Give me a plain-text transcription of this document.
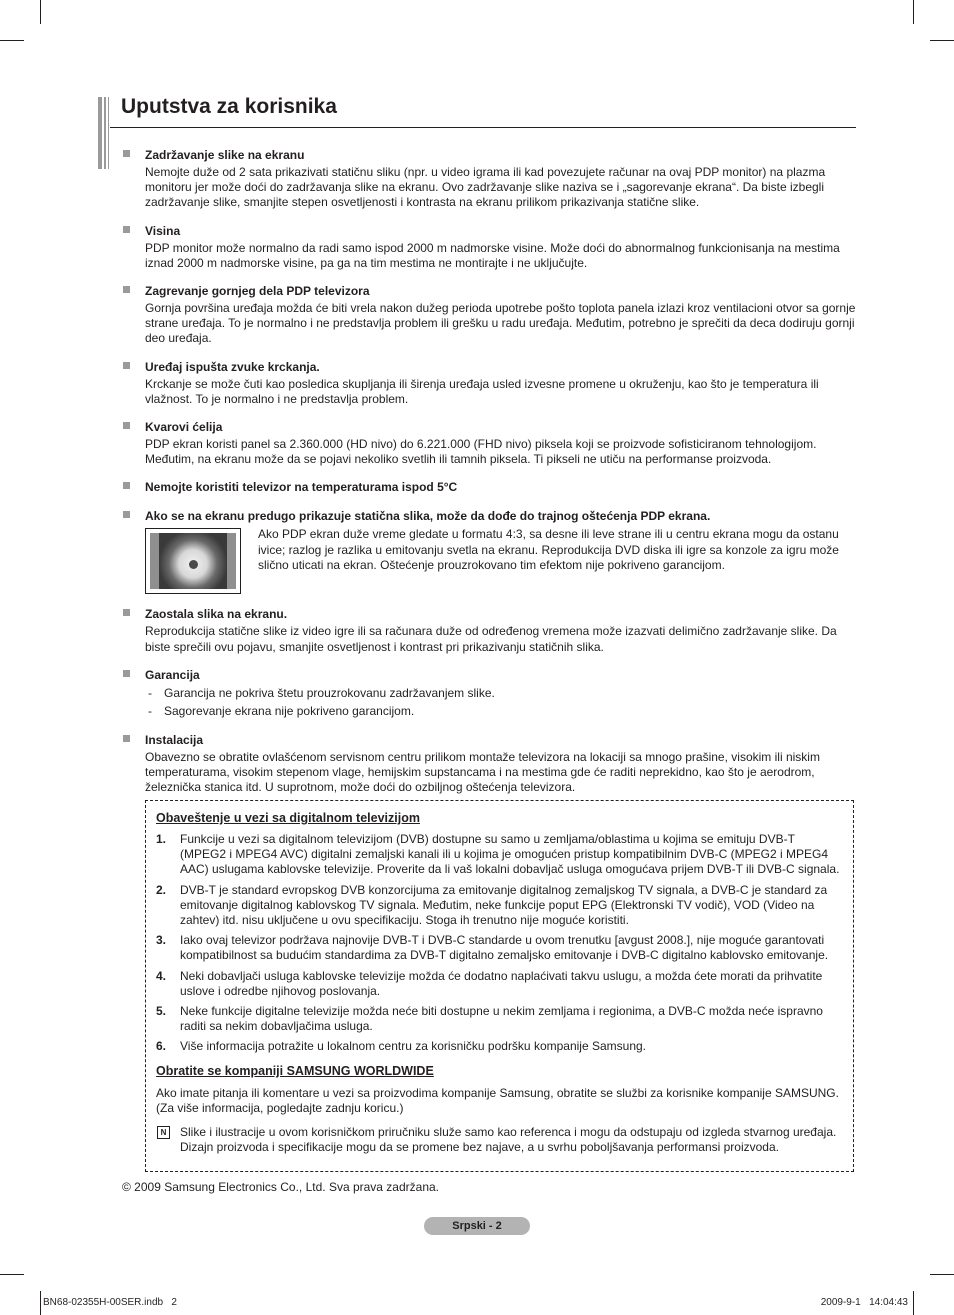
Uputstva za korisnika
Zadržavanje slike na ekranu
Nemojte duže od 2 sata prikazivati statičnu sliku (npr. u video igrama ili kad povezujete računar na ovaj PDP monitor) na plazma monitoru jer može doći do zadržavanja slike na ekranu. Ovo zadržavanje slike naziva se i „sagorevanje ekrana“. Da biste izbegli zadržavanje slike, smanjite stepen osvetljenosti i kontrasta na ekranu prilikom prikazivanja statične slike.
Visina
PDP monitor može normalno da radi samo ispod 2000 m nadmorske visine. Može doći do abnormalnog funkcionisanja na mestima iznad 2000 m nadmorske visine, pa ga na tim mestima ne montirajte i ne uključujte.
Zagrevanje gornjeg dela PDP televizora
Gornja površina uređaja možda će biti vrela nakon dužeg perioda upotrebe pošto toplota panela izlazi kroz ventilacioni otvor sa gornje strane uređaja. To je normalno i ne predstavlja problem ili grešku u radu uređaja. Međutim, potrebno je sprečiti da deca dodiruju gornji deo uređaja.
Uređaj ispušta zvuke krckanja.
Krckanje se može čuti kao posledica skupljanja ili širenja uređaja usled izvesne promene u okruženju, kao što je temperatura ili vlažnost. To je normalno i ne predstavlja problem.
Kvarovi ćelija
PDP ekran koristi panel sa 2.360.000 (HD nivo) do 6.221.000 (FHD nivo) piksela koji se proizvode sofisticiranom tehnologijom. Međutim, na ekranu može da se pojavi nekoliko svetlih ili tamnih piksela. Ti pikseli ne utiču na performanse proizvoda.
Nemojte koristiti televizor na temperaturama ispod 5°C
Ako se na ekranu predugo prikazuje statična slika, može da dođe do trajnog oštećenja PDP ekrana.
Ako PDP ekran duže vreme gledate u formatu 4:3, sa desne ili leve strane ili u centru ekrana mogu da ostanu ivice; razlog je razlika u emitovanju svetla na ekranu. Reprodukcija DVD diska ili igre sa konzole za igru može slično uticati na ekran. Oštećenje prouzrokovano tim efektom nije pokriveno garancijom.
Zaostala slika na ekranu.
Reprodukcija statične slike iz video igre ili sa računara duže od određenog vremena može izazvati delimično zadržavanje slike. Da biste sprečili ovu pojavu, smanjite osvetljenost i kontrast pri prikazivanju statičnih slika.
Garancija
- Garancija ne pokriva štetu prouzrokovanu zadržavanjem slike.
- Sagorevanje ekrana nije pokriveno garancijom.
Instalacija
Obavezno se obratite ovlašćenom servisnom centru prilikom montaže televizora na lokaciji sa mnogo prašine, visokim ili niskim temperaturama, visokim stepenom vlage, hemijskim supstancama i na mestima gde će raditi neprekidno, kao što je aerodrom, železnička stanica itd. U suprotnom, može doći do ozbiljnog oštećenja televizora.
Obaveštenje u vezi sa digitalnom televizijom
1. Funkcije u vezi sa digitalnom televizijom (DVB) dostupne su samo u zemljama/oblastima u kojima se emituju DVB-T (MPEG2 i MPEG4 AVC) digitalni zemaljski kanali ili u kojima je omogućen pristup kompatibilnim DVB-C (MPEG2 i MPEG4 AAC) uslugama kablovske televizije. Proverite da li vaš lokalni dobavljač usluga omogućava prijem DVB-T ili DVB-C signala.
2. DVB-T je standard evropskog DVB konzorcijuma za emitovanje digitalnog zemaljskog TV signala, a DVB-C je standard za emitovanje digitalnog kablovskog TV signala. Međutim, neke funkcije poput EPG (Elektronski TV vodič), VOD (Video na zahtev) itd. nisu uključene u ovu specifikaciju. Stoga ih trenutno nije moguće koristiti.
3. Iako ovaj televizor podržava najnovije DVB-T i DVB-C standarde u ovom trenutku [avgust 2008.], nije moguće garantovati kompatibilnost sa budućim standardima za DVB-T digitalno zemaljsko emitovanje i DVB-C digitalno kablovsko emitovanje.
4. Neki dobavljači usluga kablovske televizije možda će dodatno naplaćivati takvu uslugu, a možda ćete morati da prihvatite uslove i odredbe njihovog poslovanja.
5. Neke funkcije digitalne televizije možda neće biti dostupne u nekim zemljama i regionima, a DVB-C možda neće ispravno raditi sa nekim dobavljačima usluga.
6. Više informacija potražite u lokalnom centru za korisničku podršku kompanije Samsung.
Obratite se kompaniji SAMSUNG WORLDWIDE
Ako imate pitanja ili komentare u vezi sa proizvodima kompanije Samsung, obratite se službi za korisnike kompanije SAMSUNG. (Za više informacija, pogledajte zadnju koricu.)
N	Slike i ilustracije u ovom korisničkom priručniku služe samo kao referenca i mogu da odstupaju od izgleda stvarnog uređaja. Dizajn proizvoda i specifikacije mogu da se promene bez najave, a u svrhu poboljšavanja performansi proizvoda.
© 2009 Samsung Electronics Co., Ltd. Sva prava zadržana.
Srpski - 2
BN68-02355H-00SER.indb   2	2009-9-1   14:04:43
